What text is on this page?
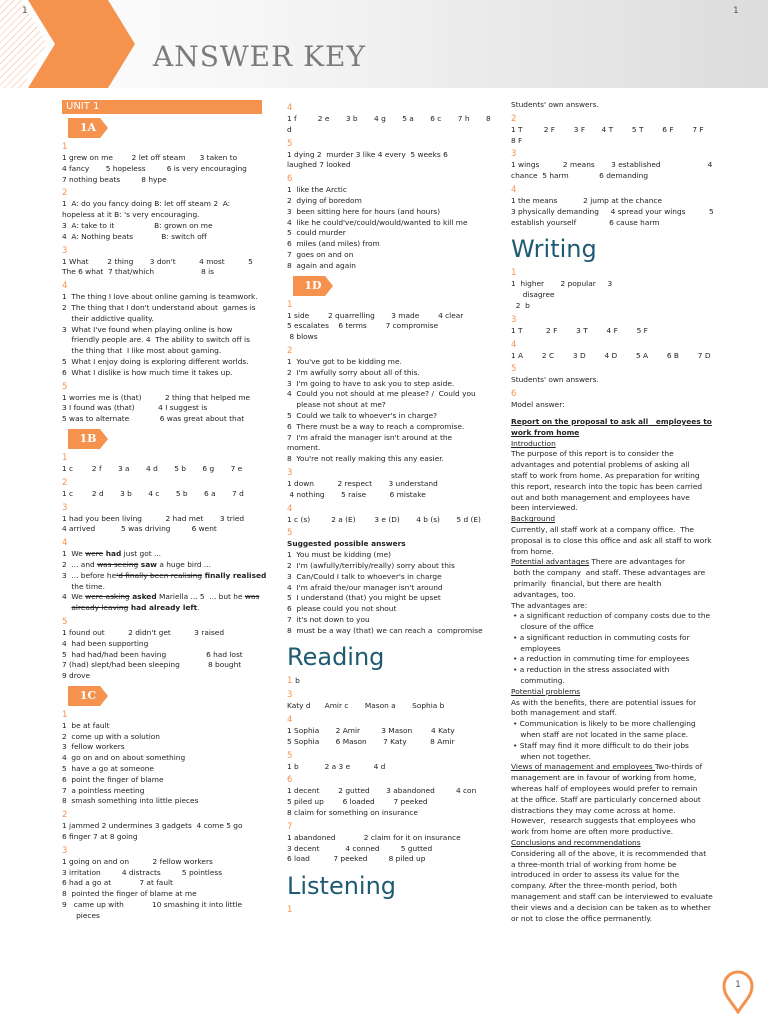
1	1
ANSWER KEY
UNIT 1
1A
1
1 grew on me        2 let off steam      3 taken to
4 fancy       5 hopeless         6 is very encouraging
7 nothing beats         8 hype
2
1  A: do you fancy doing B: let off steam 2  A:
hopeless at it B: 's very encouraging.
3  A: take to it                 B: grown on me
4  A: Nothing beats            B: switch off
3
1 What        2 thing       3 don't          4 most          5
The 6 what  7 that/which                    8 is
4
1  The thing I love about online gaming is teamwork.
2  The thing that I don't understand about  games is
their addictive quality.
3  What I've found when playing online is how
friendly people are. 4  The ability to switch off is
the thing that  I like most about gaming.
5  What I enjoy doing is exploring different worlds.
6  What I dislike is how much time it takes up.
5
1 worries me is (that)          2 thing that helped me
3 I found was (that)          4 I suggest is
5 was to alternate             6 was great about that
1B
1
1 c        2 f       3 a       4 d       5 b       6 g       7 e
2
1 c        2 d       3 b       4 c       5 b       6 a       7 d
3
1 had you been living          2 had met       3 tried
4 arrived           5 was driving         6 went
4
1  We were had just got ...
2  ... and was seeing saw a huge bird ...
3  ... before he'd finally been realising finally realised
the time.
4  We were asking asked Mariella ... 5  ... but he was
already leaving had already left.
5
1 found out          2 didn't get          3 raised
4  had been supporting
5  had had/had been having                 6 had lost
7 (had) slept/had been sleeping            8 bought
9 drove
1C
1
1  be at fault
2  come up with a solution
3  fellow workers
4  go on and on about something
5  have a go at someone
6  point the finger of blame
7  a pointless meeting
8  smash something into little pieces
2
1 jammed 2 undermines 3 gadgets  4 come 5 go
6 finger 7 at 8 going
3
1 going on and on          2 fellow workers
3 irritation         4 distracts         5 pointless
6 had a go at            7 at fault
8  pointed the finger of blame at me
9   came up with            10 smashing it into little
pieces
4
1 f         2 e       3 b       4 g       5 a       6 c       7 h       8 d
5
1 dying 2  murder 3 like 4 every  5 weeks 6
laughed 7 looked
6
1  like the Arctic
2  dying of boredom
3  been sitting here for hours (and hours)
4  like he could've/could/would/wanted to kill me
5  could murder
6  miles (and miles) from
7  goes on and on
8  again and again
1D
1
1 side        2 quarrelling       3 made        4 clear
5 escalates    6 terms        7 compromise
8 blows
2
1  You've got to be kidding me.
2  I'm awfully sorry about all of this.
3  I'm going to have to ask you to step aside.
4  Could you not should at me please? /  Could you
please not shout at me?
5  Could we talk to whoever's in charge?
6  There must be a way to reach a compromise.
7  I'm afraid the manager isn't around at the
moment.
8  You're not really making this any easier.
3
1 down          2 respect       3 understand
4 nothing       5 raise          6 mistake
4
1 c (s)         2 a (E)        3 e (D)       4 b (s)       5 d (E)
5
Suggested possible answers
1  You must be kidding (me)
2  I'm (awfully/terribly/really) sorry about this
3  Can/Could I talk to whoever's in charge
4  I'm afraid the/our manager isn't around
5  I understand (that) you might be upset
6  please could you not shout
7  it's not down to you
8  must be a way (that) we can reach a  compromise
Reading
1 b
3
Katy d      Amir c       Mason a       Sophia b
4
1 Sophia       2 Amir         3 Mason        4 Katy
5 Sophia       6 Mason       7 Katy          8 Amir
5
1 b           2 a 3 e          4 d
6
1 decent        2 gutted       3 abandoned         4 con
5 piled up        6 loaded        7 peeked
8 claim for something on insurance
7
1 abandoned            2 claim for it on insurance
3 decent           4 conned         5 gutted
6 load          7 peeked         8 piled up
Listening
1
Students' own answers.
2
1 T         2 F        3 F       4 T        5 T        6 F        7 F        8 F
3
1 wings          2 means       3 established                    4
chance  5 harm             6 demanding
4
1 the means           2 jump at the chance
3 physically demanding     4 spread your wings          5
establish yourself              6 cause harm
Writing
1
1  higher       2 popular     3
disagree
2  b
3
1 T          2 F        3 T        4 F        5 F
4
1 A        2 C        3 D        4 D        5 A        6 B        7 D
5
Students' own answers.
6
Model answer:
Report on the proposal to ask all   employees to
work from home
Introduction
The purpose of this report is to consider the
advantages and potential problems of asking all
staff to work from home. As preparation for writing
this report, research into the topic has been carried
out and both management and employees have
been interviewed.
Background
Currently, all staff work at a company office.  The
proposal is to close this office and ask all staff to work
from home.
Potential advantages There are advantages for
both the company  and staff. These advantages are
primarily  financial, but there are health
advantages, too.
The advantages are:
• a significant reduction of company costs due to the
closure of the office
• a significant reduction in commuting costs for
employees
• a reduction in commuting time for employees
• a reduction in the stress associated with
commuting.
Potential problems
As with the benefits, there are potential issues for
both management and staff.
• Communication is likely to be more challenging
when staff are not located in the same place.
• Staff may find it more difficult to do their jobs
when not together.
Views of management and employees Two-thirds of
management are in favour of working from home,
whereas half of employees would prefer to remain
at the office. Staff are particularly concerned about
distractions they may come across at home.
However,  research suggests that employees who
work from home are often more productive.
Conclusions and recommendations
Considering all of the above, it is recommended that
a three-month trial of working from home be
introduced in order to assess its value for the
company. After the three-month period, both
management and staff can be interviewed to evaluate
their views and a decision can be taken as to whether
or not to close the office permanently.
1
